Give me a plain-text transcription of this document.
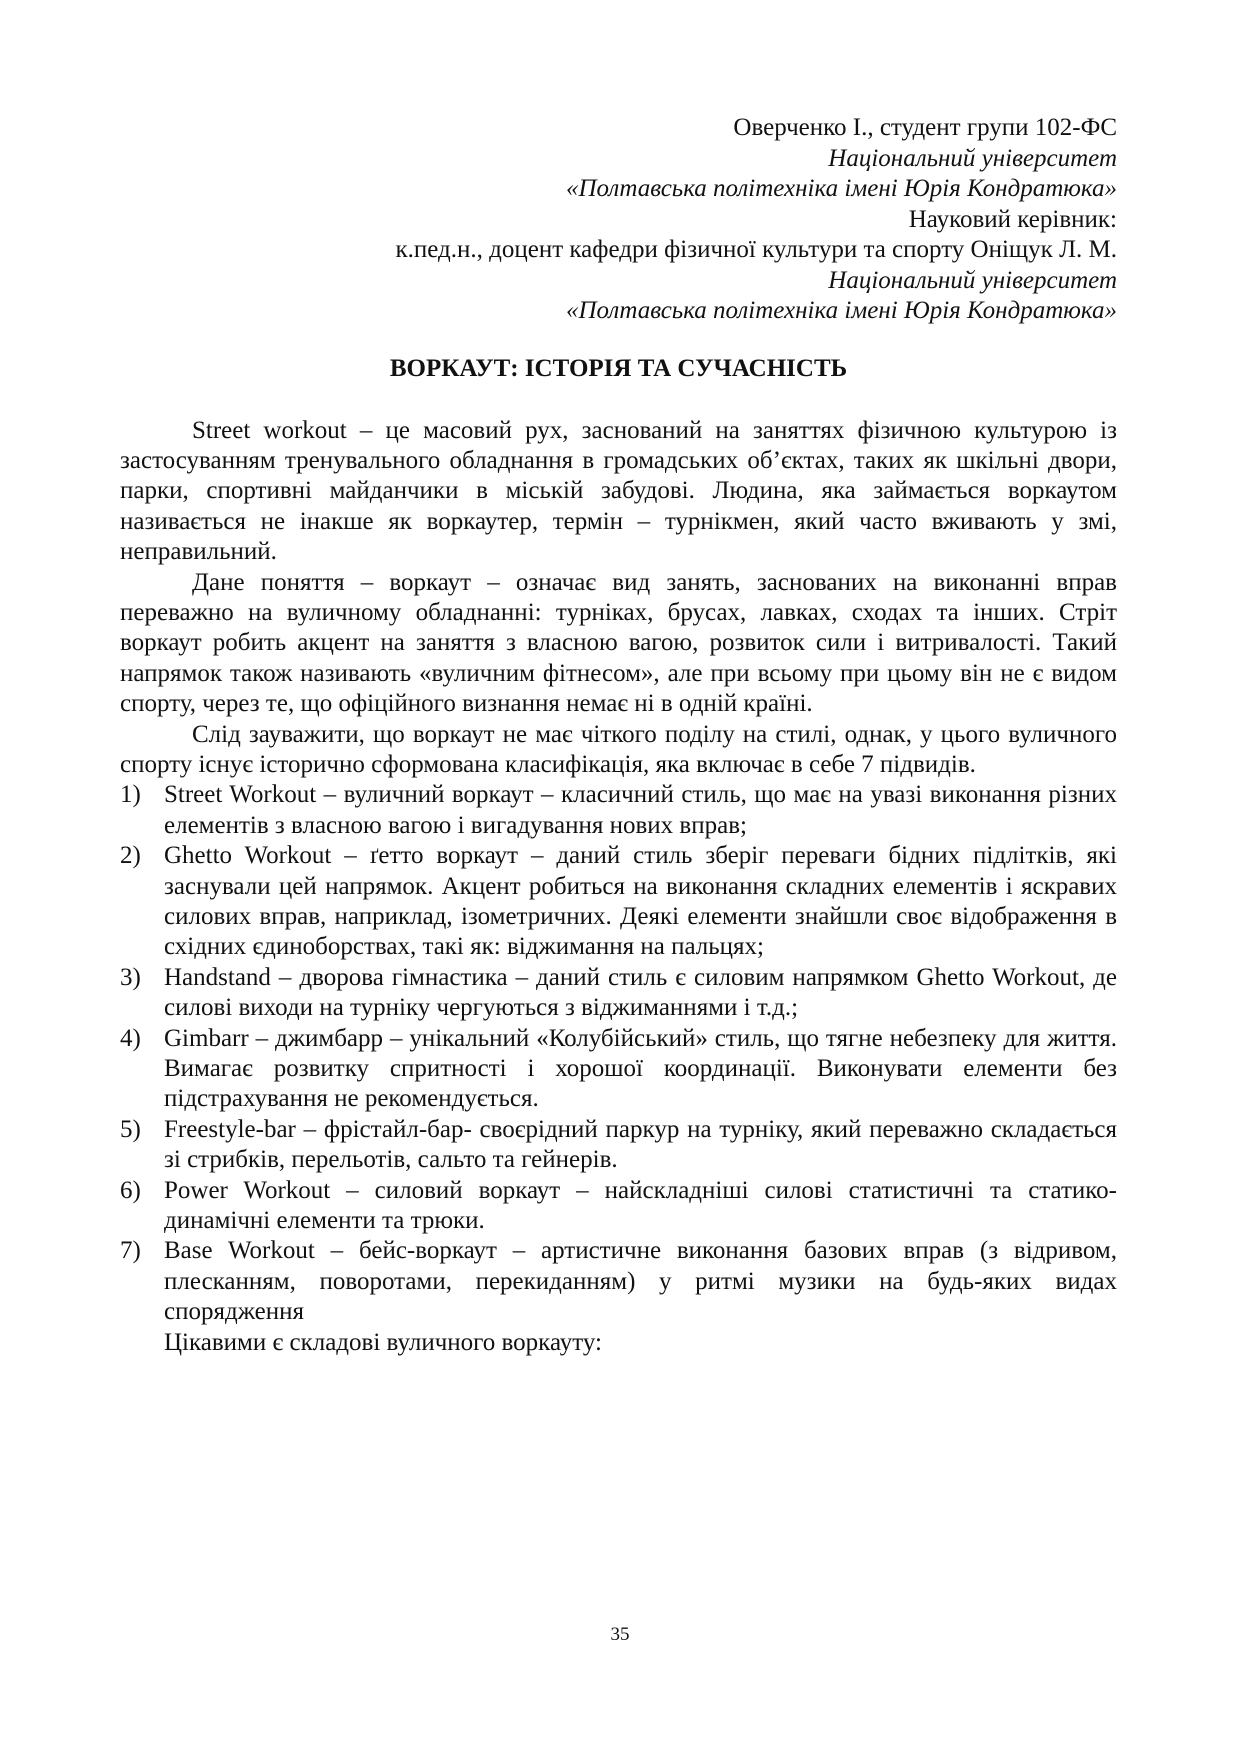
Оверченко І., студент групи 102-ФС
Національний університет
«Полтавська політехніка імені Юрія Кондратюка»
Науковий керівник:
к.пед.н., доцент кафедри фізичної культури та спорту Оніщук Л. М.
Національний університет
«Полтавська політехніка імені Юрія Кондратюка»
ВОРКАУТ: ІСТОРІЯ ТА СУЧАСНІСТЬ

Street workout – це масовий рух, заснований на заняттях фізичною культурою із застосуванням тренувального обладнання в громадських об’єктах, таких як шкільні двори, парки, спортивні майданчики в міській забудові. Людина, яка займається воркаутом називається не інакше як воркаутер, термін – турнікмен, який часто вживають у змі, неправильний.

Дане поняття – воркаут – означає вид занять, заснованих на виконанні вправ переважно на вуличному обладнанні: турніках, брусах, лавках, сходах та інших. Стріт воркаут робить акцент на заняття з власною вагою, розвиток сили і витривалості. Такий напрямок також називають «вуличним фітнесом», але при всьому при цьому він не є видом спорту, через те, що офіційного визнання немає ні в одній країні.

Слід зауважити, що воркаут не має чіткого поділу на стилі, однак, у цього вуличного спорту існує історично сформована класифікація, яка включає в себе 7 підвидів.

1) Street Workout – вуличний воркаут – класичний стиль, що має на увазі виконання різних елементів з власною вагою і вигадування нових вправ;
2) Ghetto Workout – ґетто воркаут – даний стиль зберіг переваги бідних підлітків, які заснували цей напрямок. Акцент робиться на виконання складних елементів і яскравих силових вправ, наприклад, ізометричних. Деякі елементи знайшли своє відображення в східних єдиноборствах, такі як: віджимання на пальцях;
3) Handstand – дворова гімнастика – даний стиль є силовим напрямком Ghetto Workout, де силові виходи на турніку чергуються з віджиманнями і т.д.;
4) Gimbarr – джимбарр – унікальний «Колубійський» стиль, що тягне небезпеку для життя. Вимагає розвитку спритності і хорошої координації. Виконувати елементи без підстрахування не рекомендується.
5) Freestyle-bar – фрістайл-бар- своєрідний паркур на турніку, який переважно складається зі стрибків, перельотів, сальто та гейнерів.
6) Power Workout – силовий воркаут – найскладніші силові статистичні та статико-динамічні елементи та трюки.
7) Base Workout – бейс-воркаут – артистичне виконання базових вправ (з відривом, плесканням, поворотами, перекиданням) у ритмі музики на будь-яких видах спорядження

Цікавими є складові вуличного воркауту:

35
